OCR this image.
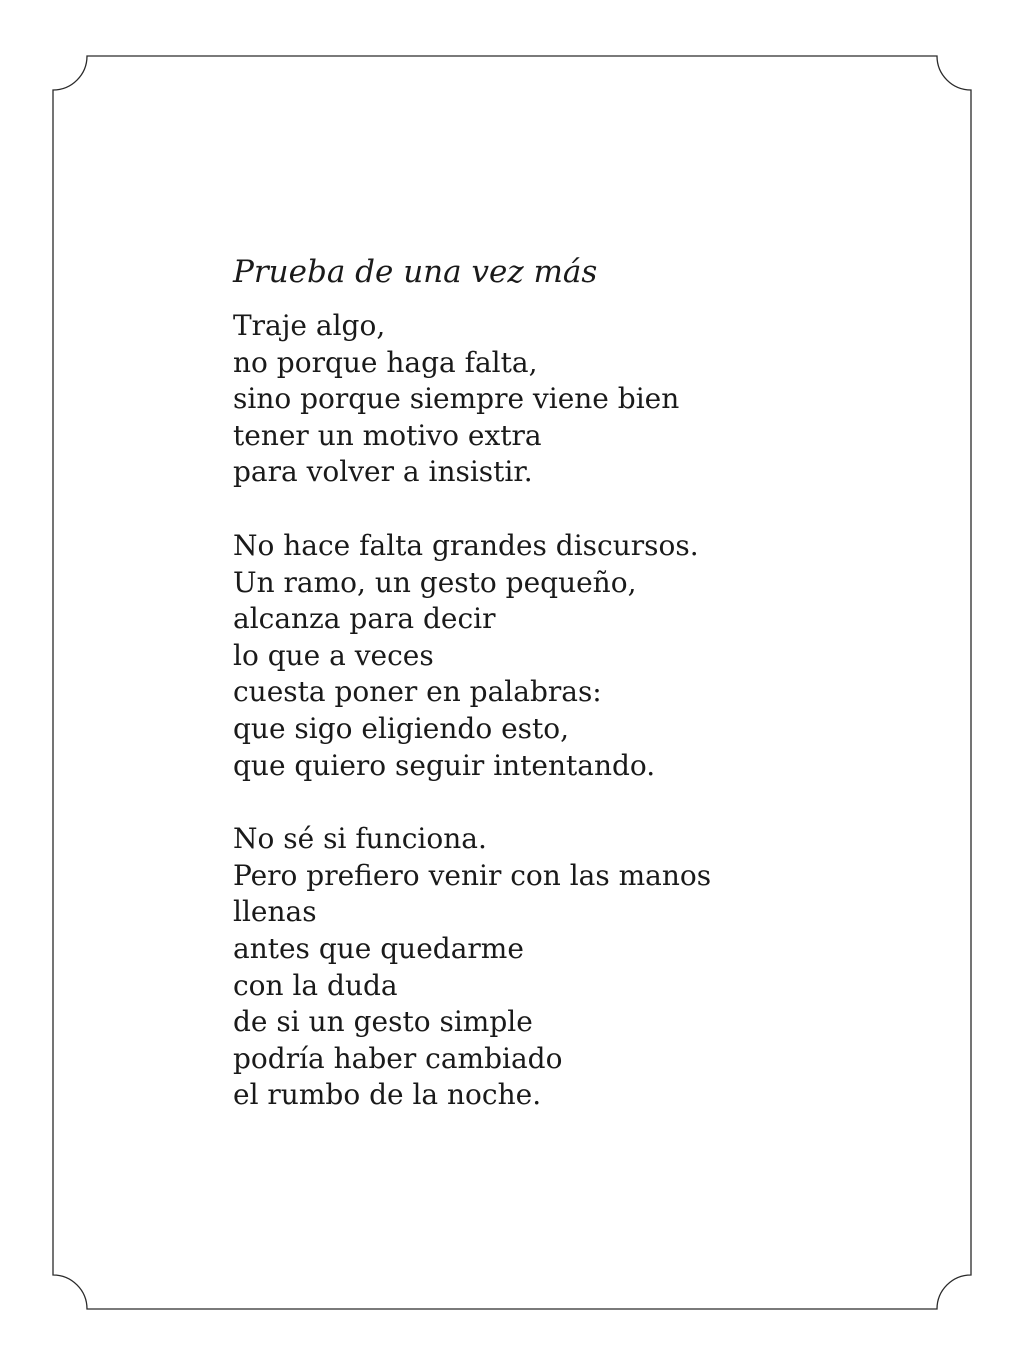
Prueba de una vez más
Traje algo,
no porque haga falta,
sino porque siempre viene bien
tener un motivo extra
para volver a insistir.
No hace falta grandes discursos.
Un ramo, un gesto pequeño,
alcanza para decir
lo que a veces
cuesta poner en palabras:
que sigo eligiendo esto,
que quiero seguir intentando.
No sé si funciona.
Pero prefiero venir con las manos
llenas
antes que quedarme
con la duda
de si un gesto simple
podría haber cambiado
el rumbo de la noche.
